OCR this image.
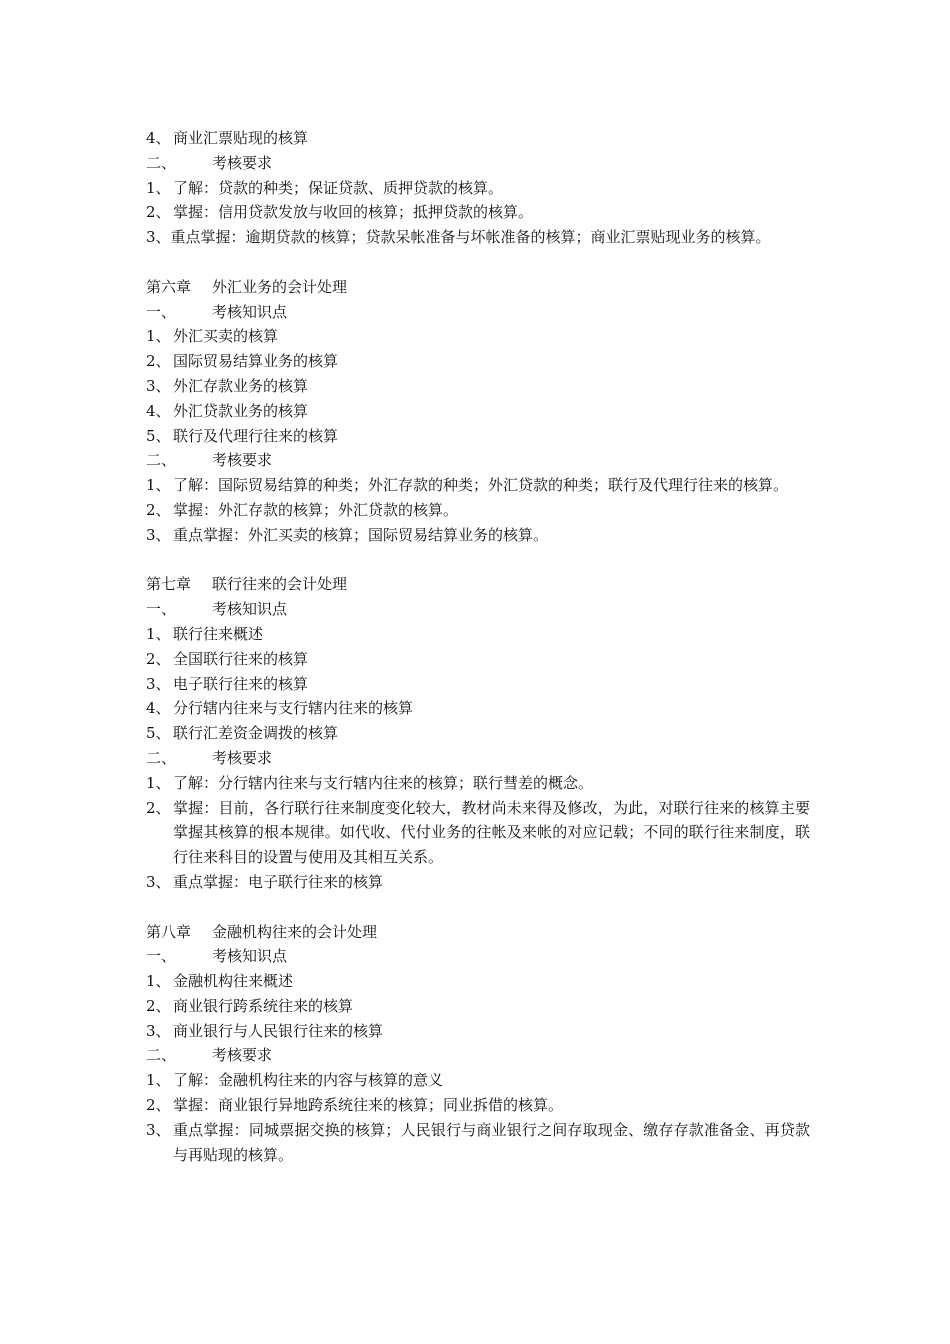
4、 商业汇票贴现的核算
二、 考核要求
1、 了解：贷款的种类；保证贷款、质押贷款的核算。
2、 掌握：信用贷款发放与收回的核算；抵押贷款的核算。
3、重点掌握：逾期贷款的核算；贷款呆帐准备与坏帐准备的核算；商业汇票贴现业务的核算。
第六章 外汇业务的会计处理
一、 考核知识点
1、 外汇买卖的核算
2、 国际贸易结算业务的核算
3、 外汇存款业务的核算
4、 外汇贷款业务的核算
5、 联行及代理行往来的核算
二、 考核要求
1、 了解：国际贸易结算的种类；外汇存款的种类；外汇贷款的种类；联行及代理行往来的核算。
2、 掌握：外汇存款的核算；外汇贷款的核算。
3、 重点掌握：外汇买卖的核算；国际贸易结算业务的核算。
第七章 联行往来的会计处理
一、 考核知识点
1、 联行往来概述
2、 全国联行往来的核算
3、 电子联行往来的核算
4、 分行辖内往来与支行辖内往来的核算
5、 联行汇差资金调拨的核算
二、 考核要求
1、 了解：分行辖内往来与支行辖内往来的核算；联行彗差的概念。
2、 掌握：目前，各行联行往来制度变化较大，教材尚未来得及修改，为此，对联行往来的核算主要掌握其核算的根本规律。如代收、代付业务的往帐及来帐的对应记载；不同的联行往来制度，联行往来科目的设置与使用及其相互关系。
3、 重点掌握：电子联行往来的核算
第八章 金融机构往来的会计处理
一、 考核知识点
1、 金融机构往来概述
2、 商业银行跨系统往来的核算
3、 商业银行与人民银行往来的核算
二、 考核要求
1、 了解：金融机构往来的内容与核算的意义
2、 掌握：商业银行异地跨系统往来的核算；同业拆借的核算。
3、 重点掌握：同城票据交换的核算；人民银行与商业银行之间存取现金、缴存存款准备金、再贷款与再贴现的核算。
